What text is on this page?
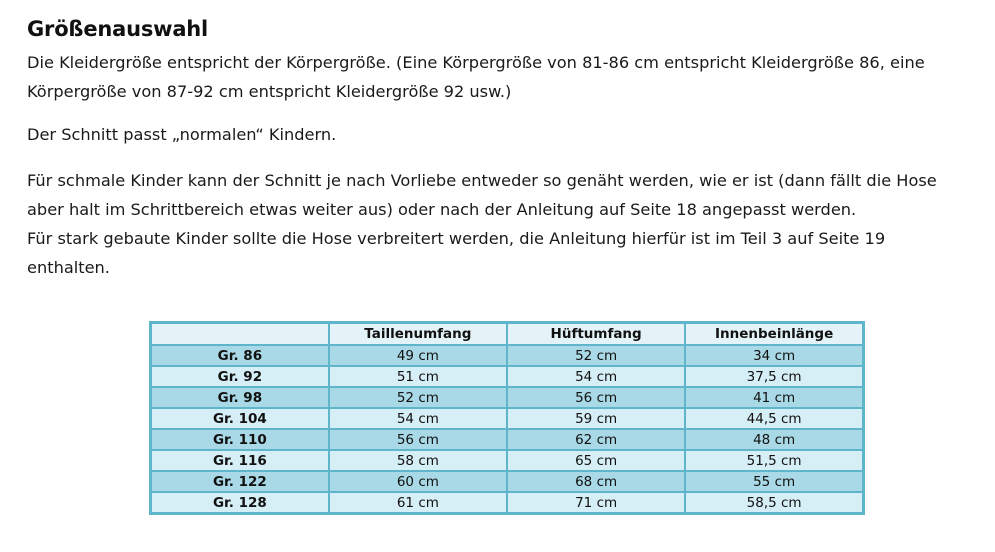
Größenauswahl

Die Kleidergröße entspricht der Körpergröße. (Eine Körpergröße von 81-86 cm entspricht Kleidergröße 86, eine
Körpergröße von 87-92 cm entspricht Kleidergröße 92 usw.)

Der Schnitt passt „normalen“ Kindern.

Für schmale Kinder kann der Schnitt je nach Vorliebe entweder so genäht werden, wie er ist (dann fällt die Hose
aber halt im Schrittbereich etwas weiter aus) oder nach der Anleitung auf Seite 18 angepasst werden.
Für stark gebaute Kinder sollte die Hose verbreitert werden, die Anleitung hierfür ist im Teil 3 auf Seite 19
enthalten.

	Taillenumfang	Hüftumfang	Innenbeinlänge
Gr. 86	49 cm	52 cm	34 cm
Gr. 92	51 cm	54 cm	37,5 cm
Gr. 98	52 cm	56 cm	41 cm
Gr. 104	54 cm	59 cm	44,5 cm
Gr. 110	56 cm	62 cm	48 cm
Gr. 116	58 cm	65 cm	51,5 cm
Gr. 122	60 cm	68 cm	55 cm
Gr. 128	61 cm	71 cm	58,5 cm
